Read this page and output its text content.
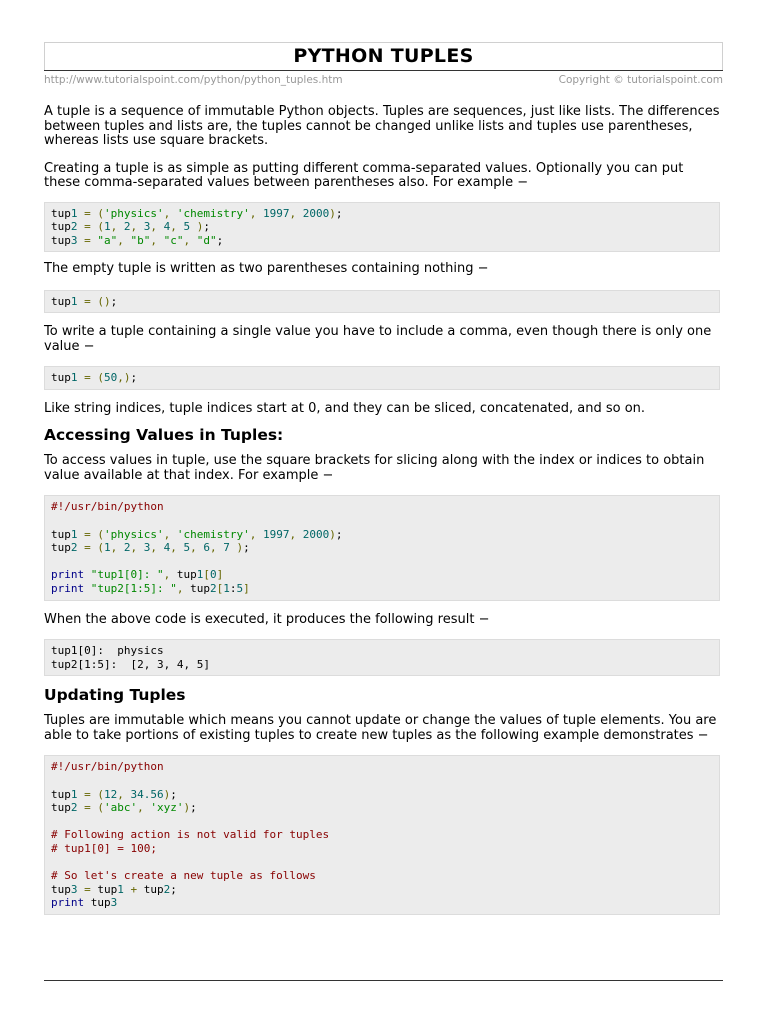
PYTHON TUPLES
http://www.tutorialspoint.com/python/python_tuples.htm	Copyright © tutorialspoint.com

A tuple is a sequence of immutable Python objects. Tuples are sequences, just like lists. The differences between tuples and lists are, the tuples cannot be changed unlike lists and tuples use parentheses, whereas lists use square brackets.

Creating a tuple is as simple as putting different comma-separated values. Optionally you can put these comma-separated values between parentheses also. For example −

tup1 = ('physics', 'chemistry', 1997, 2000);
tup2 = (1, 2, 3, 4, 5 );
tup3 = "a", "b", "c", "d";

The empty tuple is written as two parentheses containing nothing −

tup1 = ();

To write a tuple containing a single value you have to include a comma, even though there is only one value −

tup1 = (50,);

Like string indices, tuple indices start at 0, and they can be sliced, concatenated, and so on.

Accessing Values in Tuples:

To access values in tuple, use the square brackets for slicing along with the index or indices to obtain value available at that index. For example −

#!/usr/bin/python

tup1 = ('physics', 'chemistry', 1997, 2000);
tup2 = (1, 2, 3, 4, 5, 6, 7 );

print "tup1[0]: ", tup1[0]
print "tup2[1:5]: ", tup2[1:5]

When the above code is executed, it produces the following result −

tup1[0]:  physics
tup2[1:5]:  [2, 3, 4, 5]
Updating Tuples

Tuples are immutable which means you cannot update or change the values of tuple elements. You are able to take portions of existing tuples to create new tuples as the following example demonstrates −

#!/usr/bin/python

tup1 = (12, 34.56);
tup2 = ('abc', 'xyz');

# Following action is not valid for tuples
# tup1[0] = 100;

# So let's create a new tuple as follows
tup3 = tup1 + tup2;
print tup3
